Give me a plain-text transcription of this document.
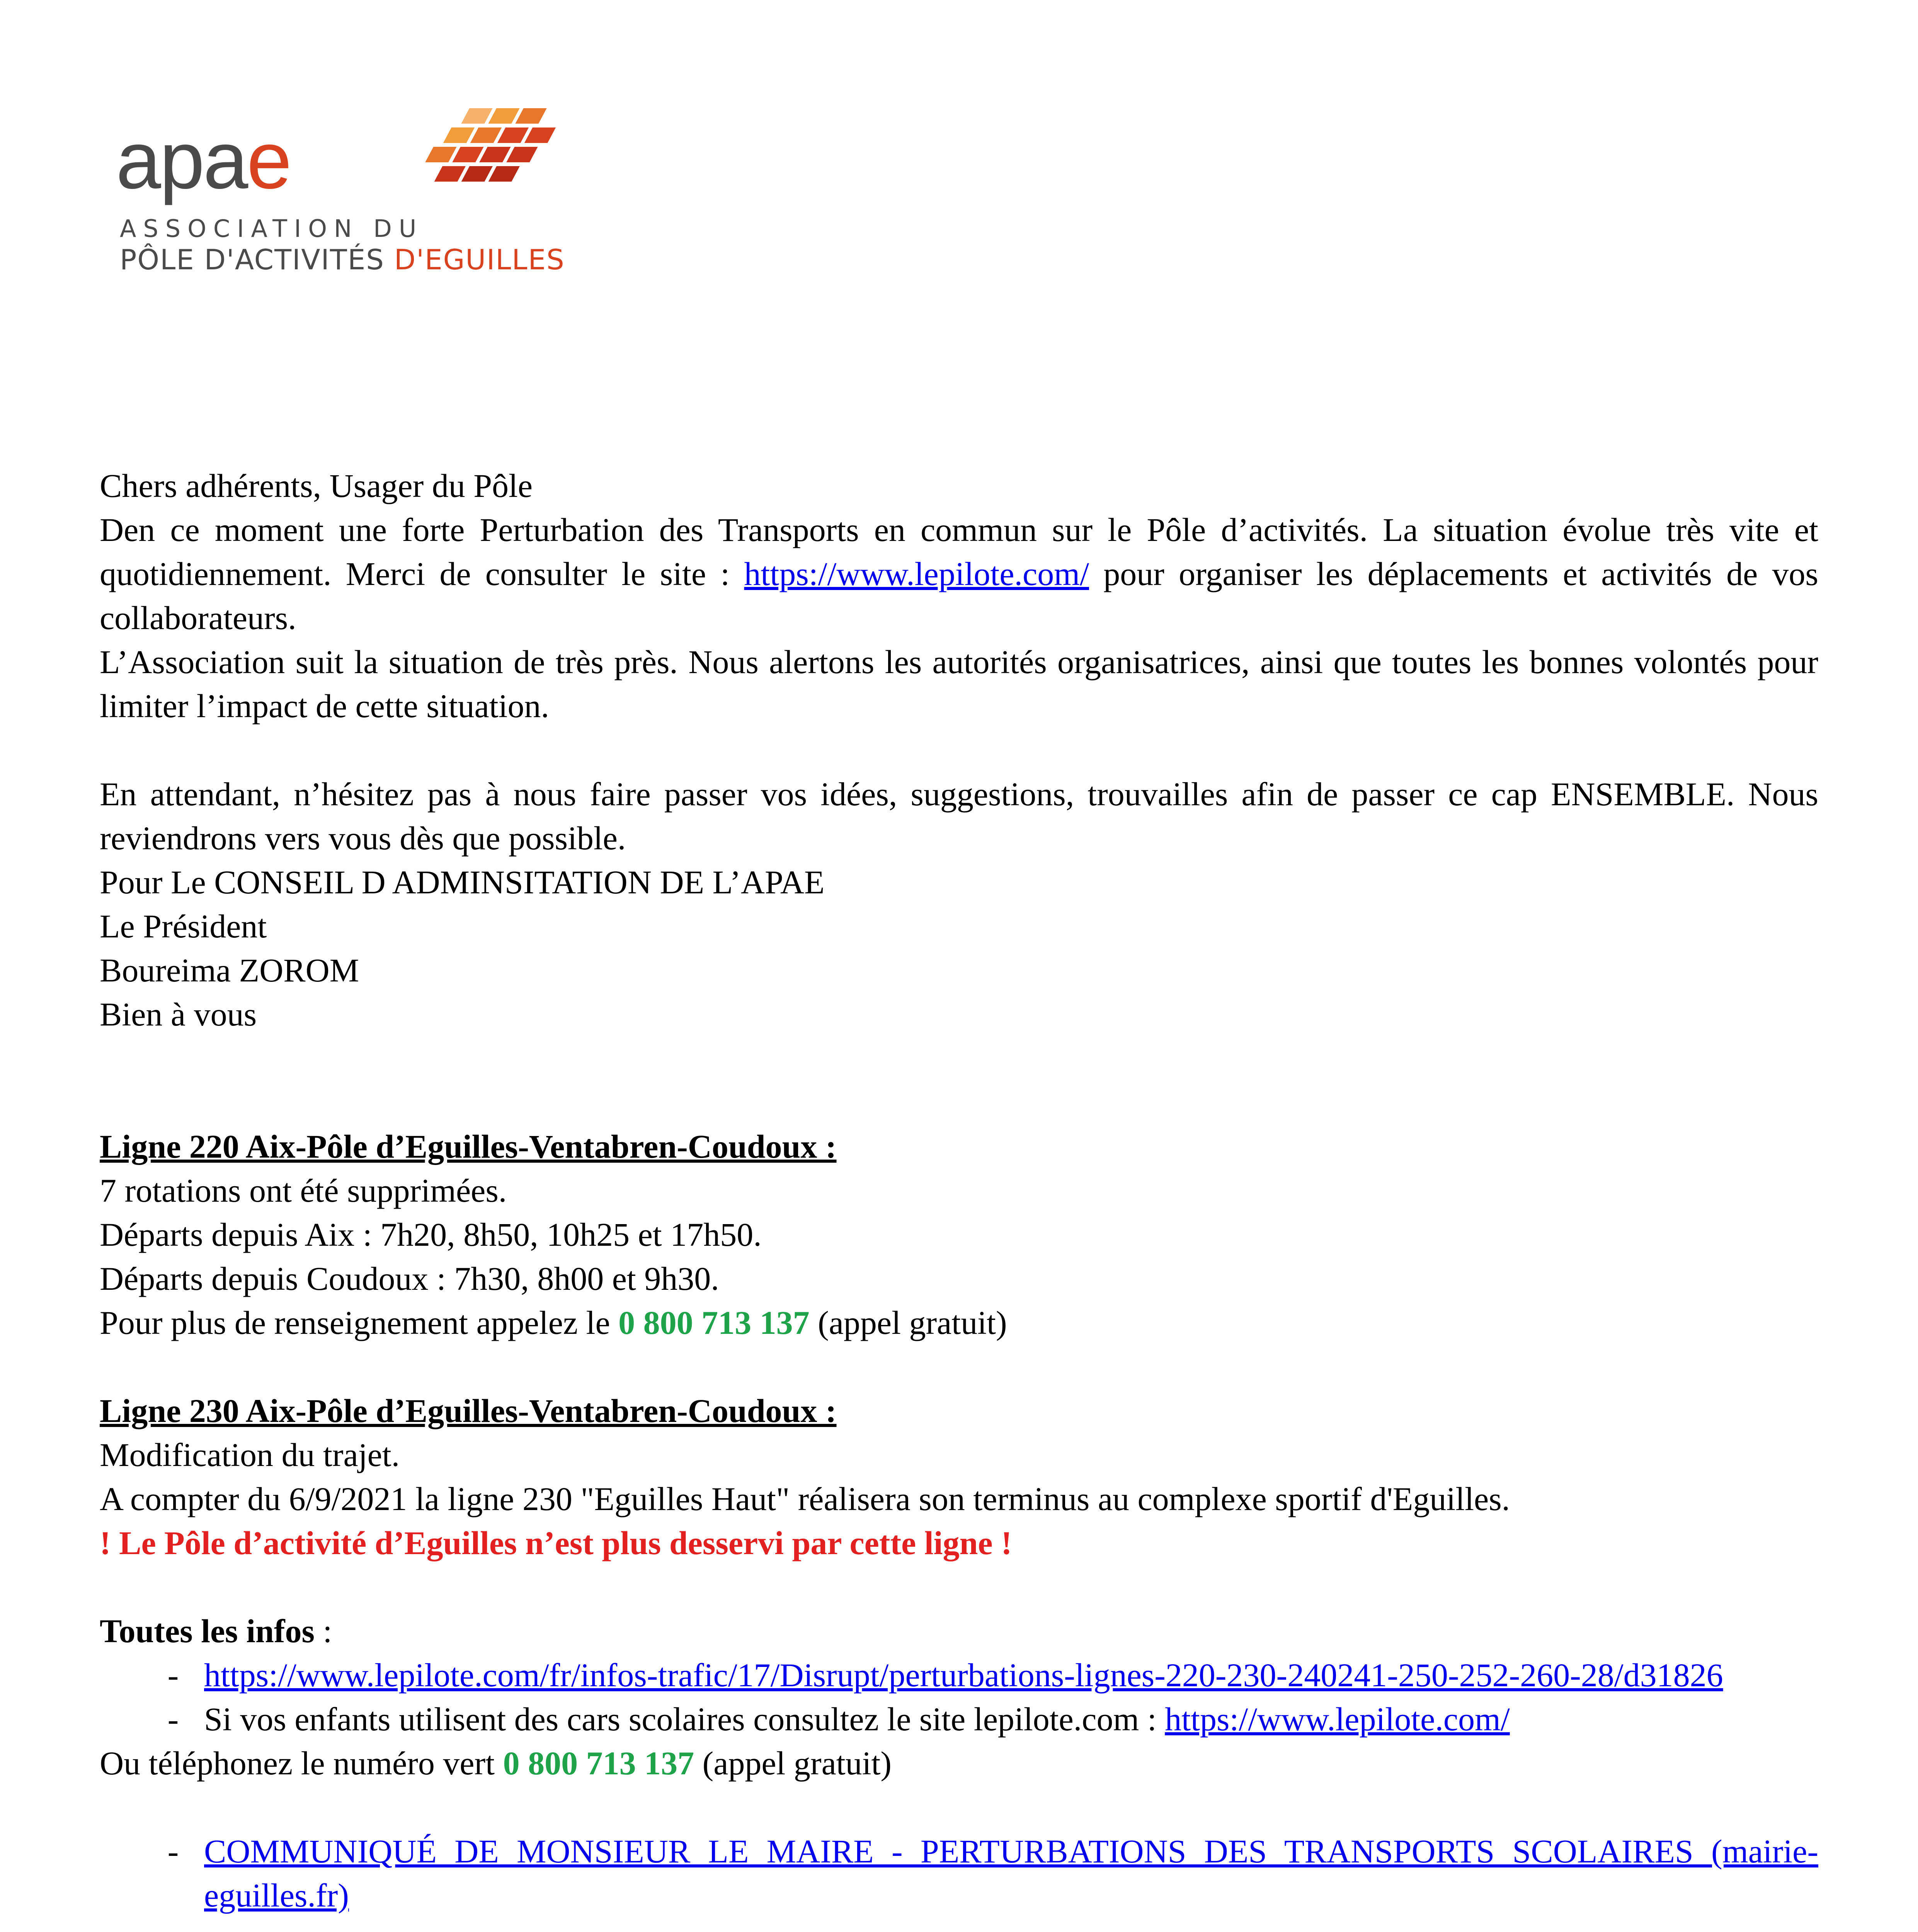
apae
ASSOCIATION DU
PÔLE D'ACTIVITÉS D'EGUILLES

Chers adhérents, Usager du Pôle

Den ce moment une forte Perturbation des Transports en commun sur le Pôle d’activités. La situation évolue très vite et quotidiennement. Merci de consulter le site : https://www.lepilote.com/ pour organiser les déplacements et activités de vos collaborateurs.

L’Association suit la situation de très près. Nous alertons les autorités organisatrices, ainsi que toutes les bonnes volontés pour limiter l’impact de cette situation.

En attendant, n’hésitez pas à nous faire passer vos idées, suggestions, trouvailles afin de passer ce cap ENSEMBLE. Nous reviendrons vers vous dès que possible.

Pour Le CONSEIL D ADMINSITATION DE L’APAE

Le Président

Boureima ZOROM

Bien à vous

Ligne 220 Aix-Pôle d’Eguilles-Ventabren-Coudoux :

7 rotations ont été supprimées.

Départs depuis Aix : 7h20, 8h50, 10h25 et 17h50.

Départs depuis Coudoux : 7h30, 8h00 et 9h30.

Pour plus de renseignement appelez le 0 800 713 137 (appel gratuit)

Ligne 230 Aix-Pôle d’Eguilles-Ventabren-Coudoux :

Modification du trajet.

A compter du 6/9/2021 la ligne 230 "Eguilles Haut" réalisera son terminus au complexe sportif d'Eguilles.

! Le Pôle d’activité d’Eguilles n’est plus desservi par cette ligne !

Toutes les infos :

- https://www.lepilote.com/fr/infos-trafic/17/Disrupt/perturbations-lignes-220-230-240241-250-252-260-28/d31826
- Si vos enfants utilisent des cars scolaires consultez le site lepilote.com : https://www.lepilote.com/

Ou téléphonez le numéro vert 0 800 713 137 (appel gratuit)

- COMMUNIQUÉ DE MONSIEUR LE MAIRE - PERTURBATIONS DES TRANSPORTS SCOLAIRES (mairie-eguilles.fr)
